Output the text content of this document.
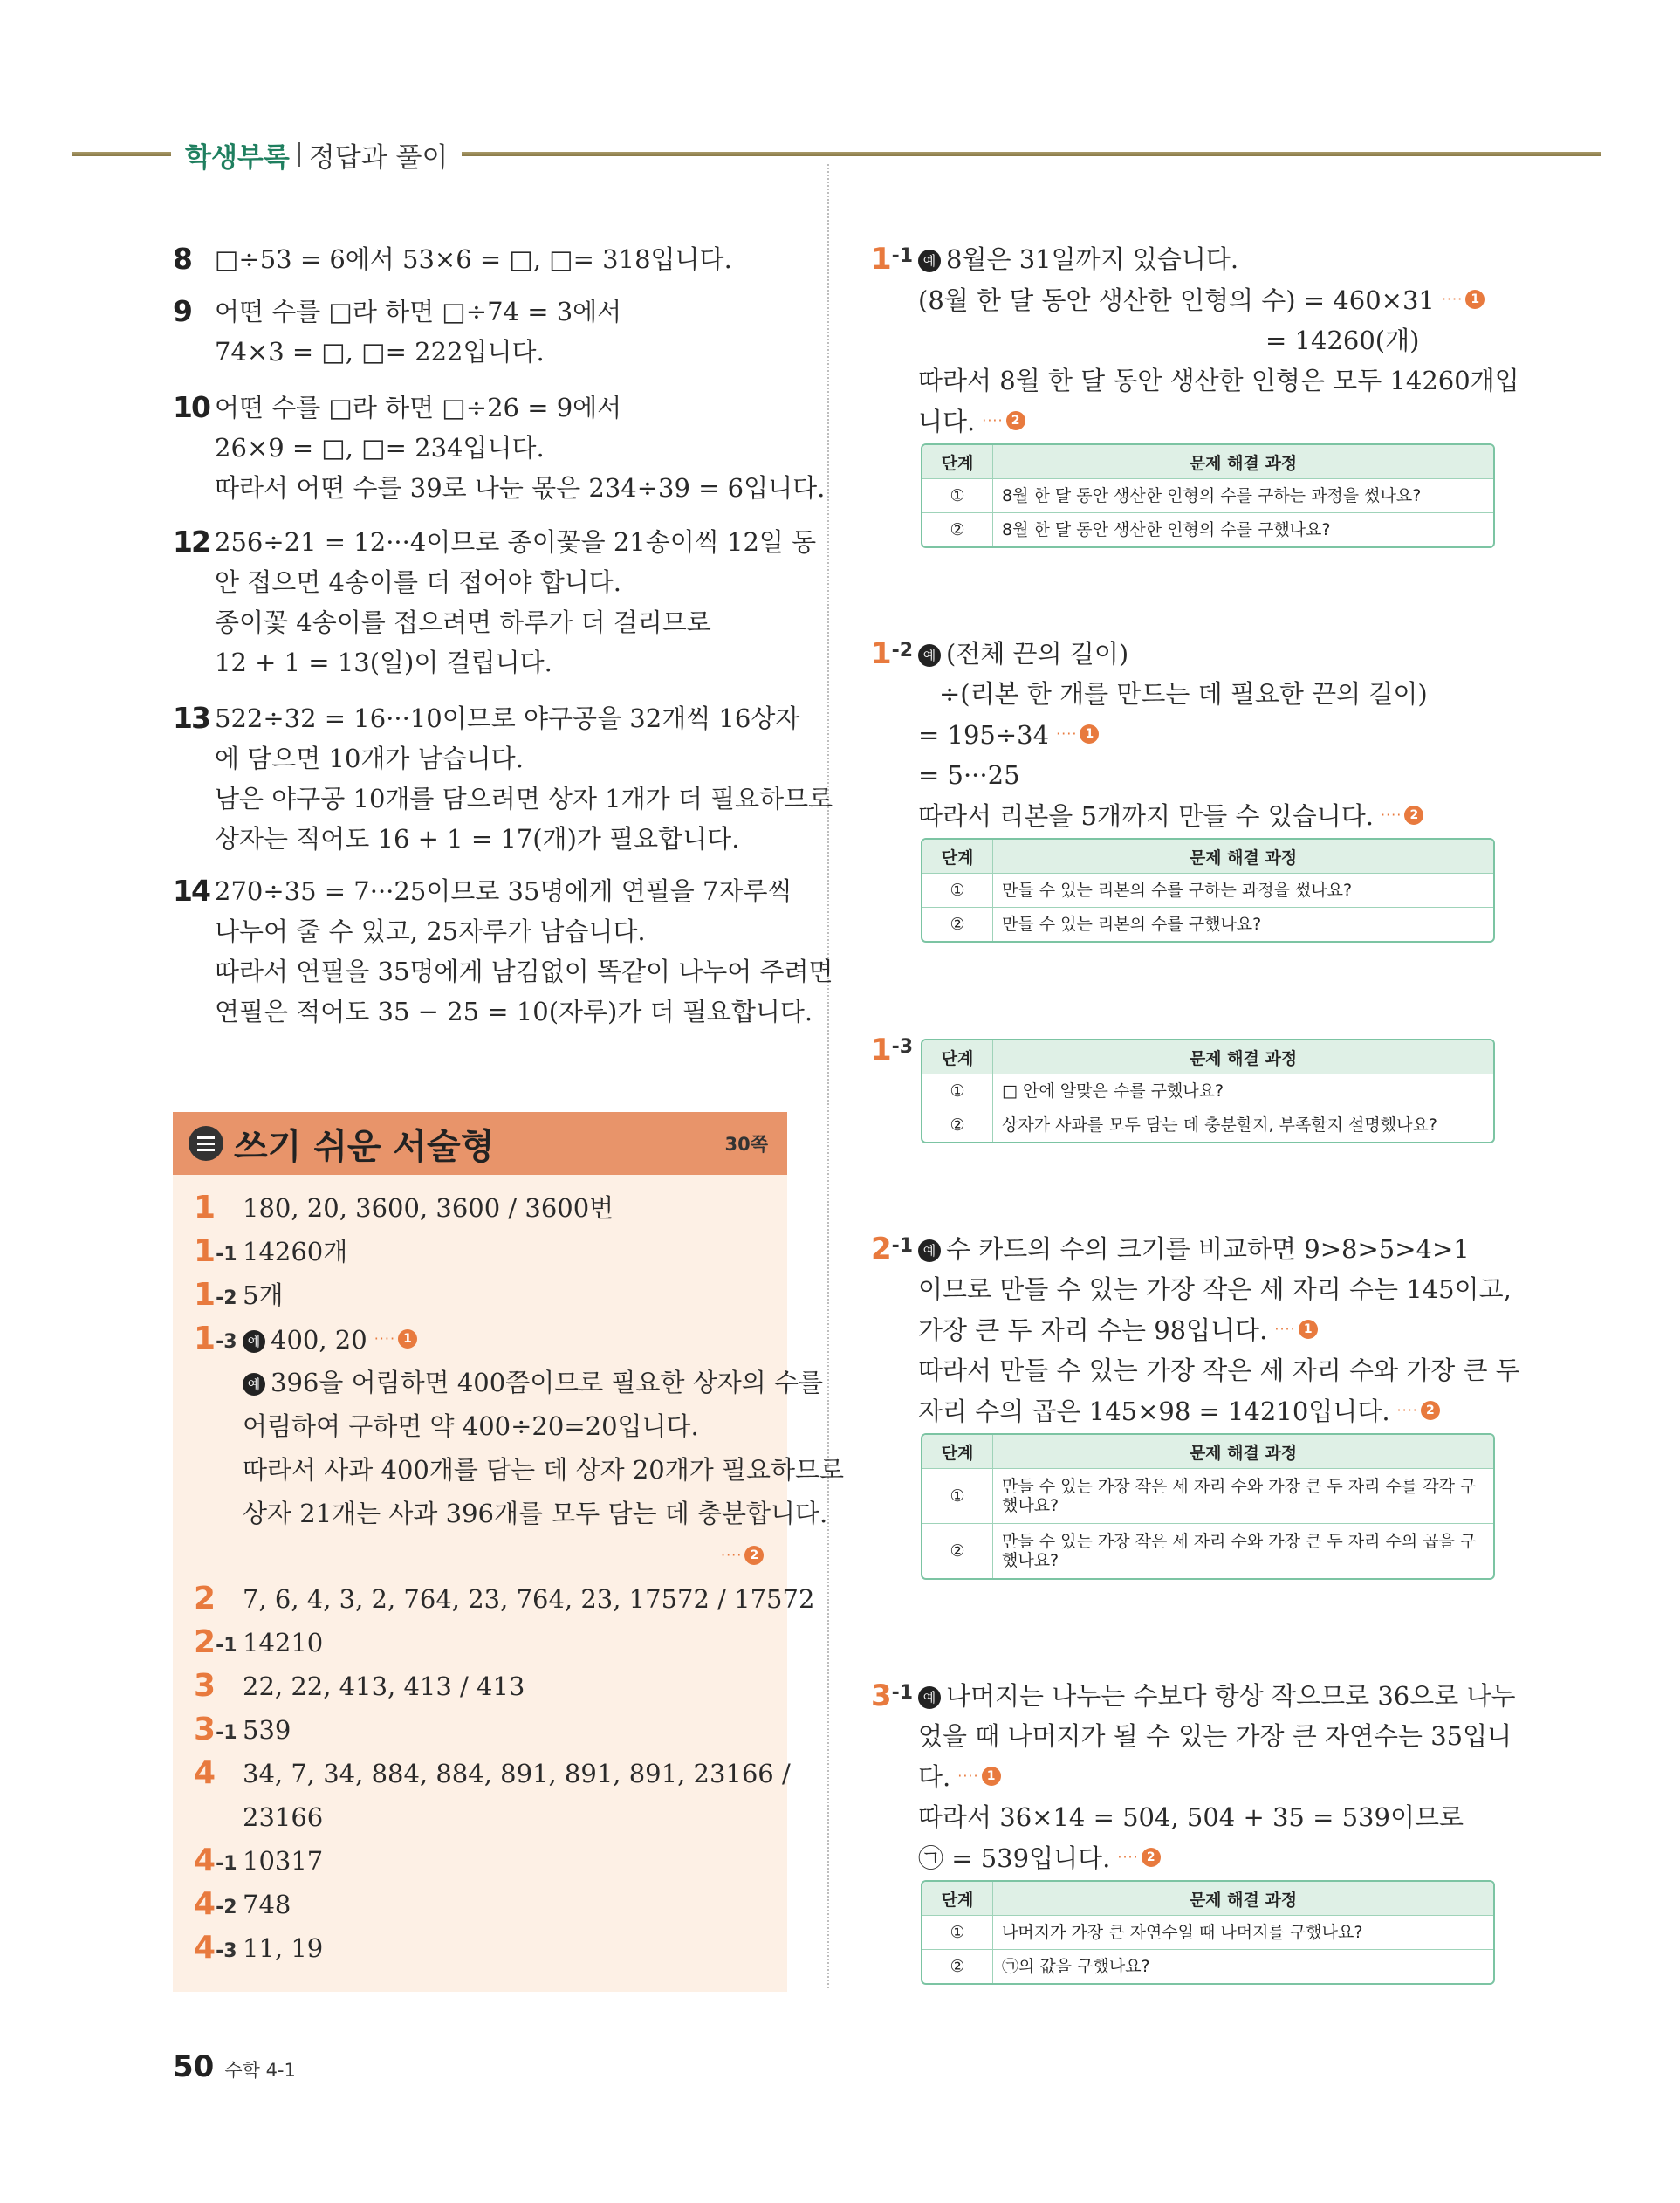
학생부록 정답과 풀이
8 □÷53 = 6에서 53×6 = □, □= 318입니다.
9 어떤 수를 □라 하면 □÷74 = 3에서
74×3 = □, □= 222입니다.
10 어떤 수를 □라 하면 □÷26 = 9에서
26×9 = □, □= 234입니다.
따라서 어떤 수를 39로 나눈 몫은 234÷39 = 6입니다.
12 256÷21 = 12···4이므로 종이꽃을 21송이씩 12일 동
안 접으면 4송이를 더 접어야 합니다.
종이꽃 4송이를 접으려면 하루가 더 걸리므로
12 + 1 = 13(일)이 걸립니다.
13 522÷32 = 16···10이므로 야구공을 32개씩 16상자
에 담으면 10개가 남습니다.
남은 야구공 10개를 담으려면 상자 1개가 더 필요하므로
상자는 적어도 16 + 1 = 17(개)가 필요합니다.
14 270÷35 = 7···25이므로 35명에게 연필을 7자루씩
나누어 줄 수 있고, 25자루가 남습니다.
따라서 연필을 35명에게 남김없이 똑같이 나누어 주려면
연필은 적어도 35 − 25 = 10(자루)가 더 필요합니다.
쓰기 쉬운 서술형	30쪽
1 180, 20, 3600, 3600 / 3600번
$1^{-1}$ 14260개
$1^{-2}$ 5개
$1^{-3}$ 예 400, 20 ···· 1
예 396을 어림하면 400쯤이므로 필요한 상자의 수를
어림하여 구하면 약 400÷20=20입니다.
따라서 사과 400개를 담는 데 상자 20개가 필요하므로
상자 21개는 사과 396개를 모두 담는 데 충분합니다.
···· 2
2 7, 6, 4, 3, 2, 764, 23, 764, 23, 17572 / 17572
$2^{-1}$ 14210
3 22, 22, 413, 413 / 413
$3^{-1}$ 539
4 34, 7, 34, 884, 884, 891, 891, 891, 23166 /
23166
$4^{-1}$ 10317
$4^{-2}$ 748
$4^{-3}$ 11, 19
$1^{-1}$ 예 8월은 31일까지 있습니다.
(8월 한 달 동안 생산한 인형의 수) = 460×31 ···· 1
= 14260(개)
따라서 8월 한 달 동안 생산한 인형은 모두 14260개입
니다. ···· 2
단계	문제 해결 과정
①	8월 한 달 동안 생산한 인형의 수를 구하는 과정을 썼나요?
②	8월 한 달 동안 생산한 인형의 수를 구했나요?
$1^{-2}$ 예 (전체 끈의 길이)
÷(리본 한 개를 만드는 데 필요한 끈의 길이)
= 195÷34 ···· 1
= 5···25
따라서 리본을 5개까지 만들 수 있습니다. ···· 2
단계	문제 해결 과정
①	만들 수 있는 리본의 수를 구하는 과정을 썼나요?
②	만들 수 있는 리본의 수를 구했나요?
$1^{-3}$
단계	문제 해결 과정
①	□ 안에 알맞은 수를 구했나요?
②	상자가 사과를 모두 담는 데 충분할지, 부족할지 설명했나요?
$2^{-1}$ 예 수 카드의 수의 크기를 비교하면 9>8>5>4>1
이므로 만들 수 있는 가장 작은 세 자리 수는 145이고,
가장 큰 두 자리 수는 98입니다. ···· 1
따라서 만들 수 있는 가장 작은 세 자리 수와 가장 큰 두
자리 수의 곱은 145×98 = 14210입니다. ···· 2
단계	문제 해결 과정
①	만들 수 있는 가장 작은 세 자리 수와 가장 큰 두 자리 수를 각각 구했나요?
②	만들 수 있는 가장 작은 세 자리 수와 가장 큰 두 자리 수의 곱을 구했나요?
$3^{-1}$ 예 나머지는 나누는 수보다 항상 작으므로 36으로 나누
었을 때 나머지가 될 수 있는 가장 큰 자연수는 35입니
다. ···· 1
따라서 36×14 = 504, 504 + 35 = 539이므로
㉠ = 539입니다. ···· 2
단계	문제 해결 과정
①	나머지가 가장 큰 자연수일 때 나머지를 구했나요?
②	㉠의 값을 구했나요?
50 수학 4-1
